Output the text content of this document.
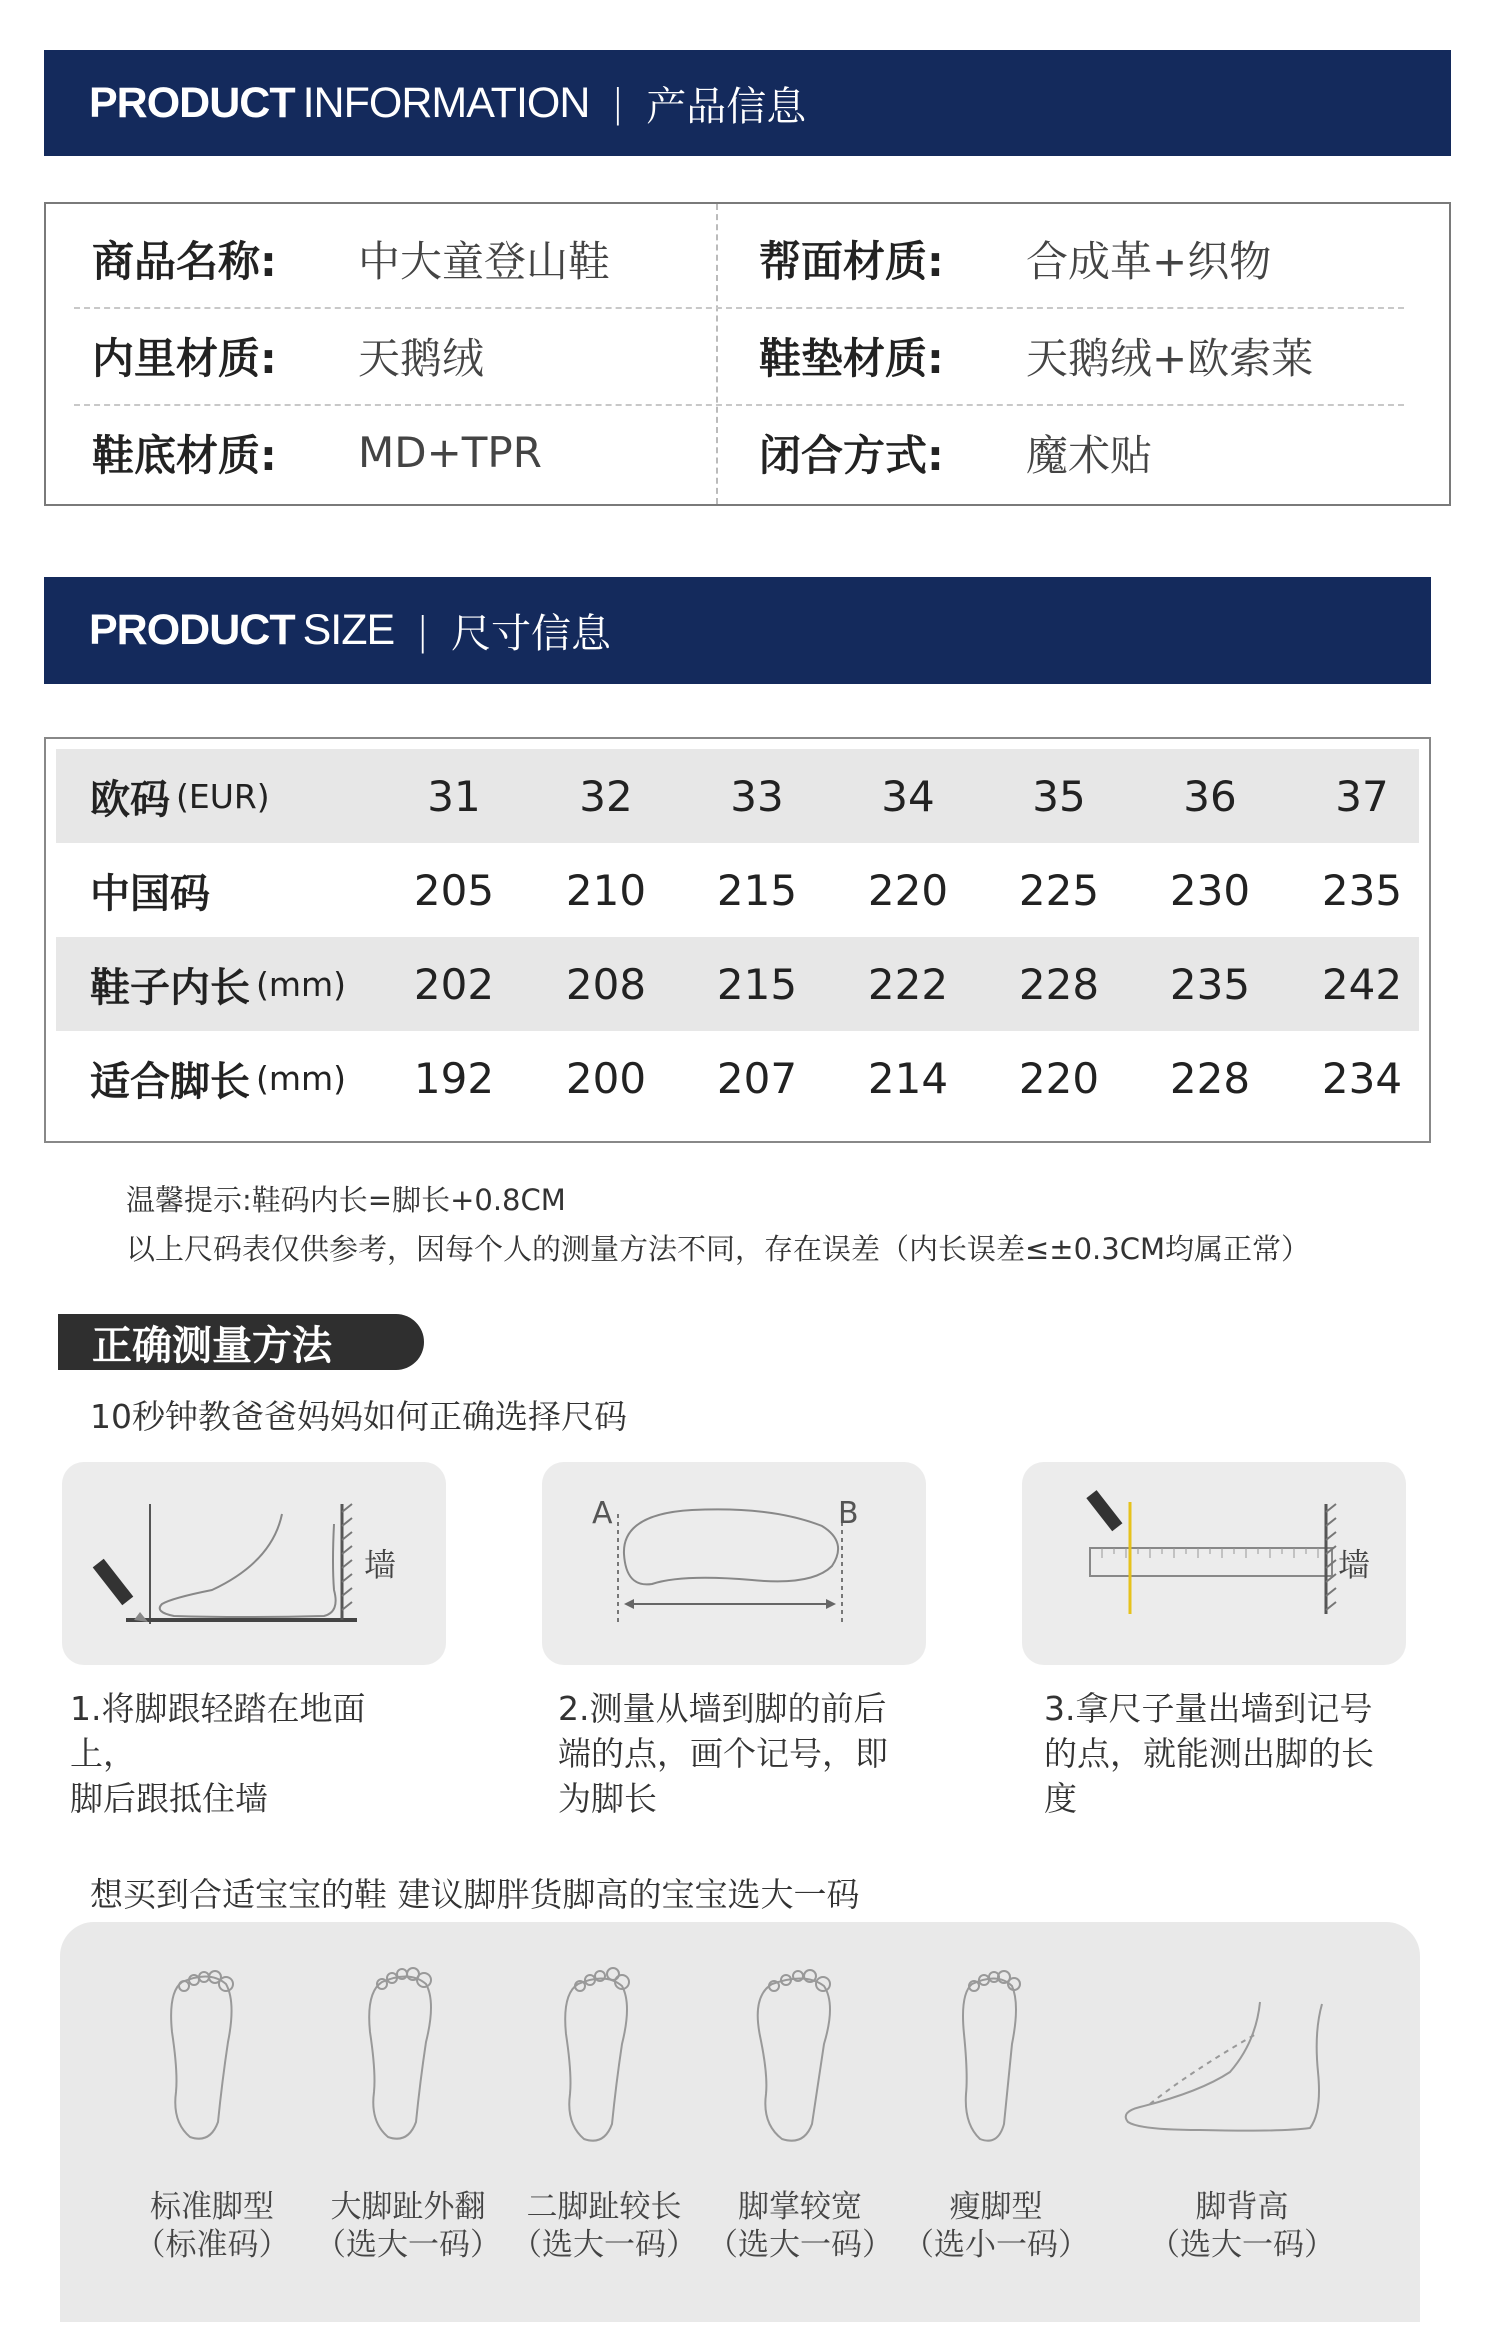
PRODUCT INFORMATION | 产品信息
商品名称: 中大童登山鞋	帮面材质: 合成革+织物
内里材质: 天鹅绒	鞋垫材质: 天鹅绒+欧索莱
鞋底材质: MD+TPR	闭合方式: 魔术贴
PRODUCT SIZE | 尺寸信息
欧码 (EUR)	31	32	33	34	35	36	37
中国码	205	210	215	220	225	230	235
鞋子内长 (mm)	202	208	215	222	228	235	242
适合脚长 (mm)	192	200	207	214	220	228	234
温馨提示:鞋码内长=脚长+0.8CM
以上尺码表仅供参考，因每个人的测量方法不同，存在误差（内长误差≤±0.3CM均属正常）
正确测量方法
10秒钟教爸爸妈妈如何正确选择尺码
墙
A	B
墙
1.将脚跟轻踏在地面上，
脚后跟抵住墙
2.测量从墙到脚的前后
端的点，画个记号，即
为脚长
3.拿尺子量出墙到记号
的点，就能测出脚的长
度
想买到合适宝宝的鞋 建议脚胖货脚高的宝宝选大一码
标准脚型
（标准码）
大脚趾外翻
（选大一码）
二脚趾较长
（选大一码）
脚掌较宽
（选大一码）
瘦脚型
（选小一码）
脚背高
（选大一码）
